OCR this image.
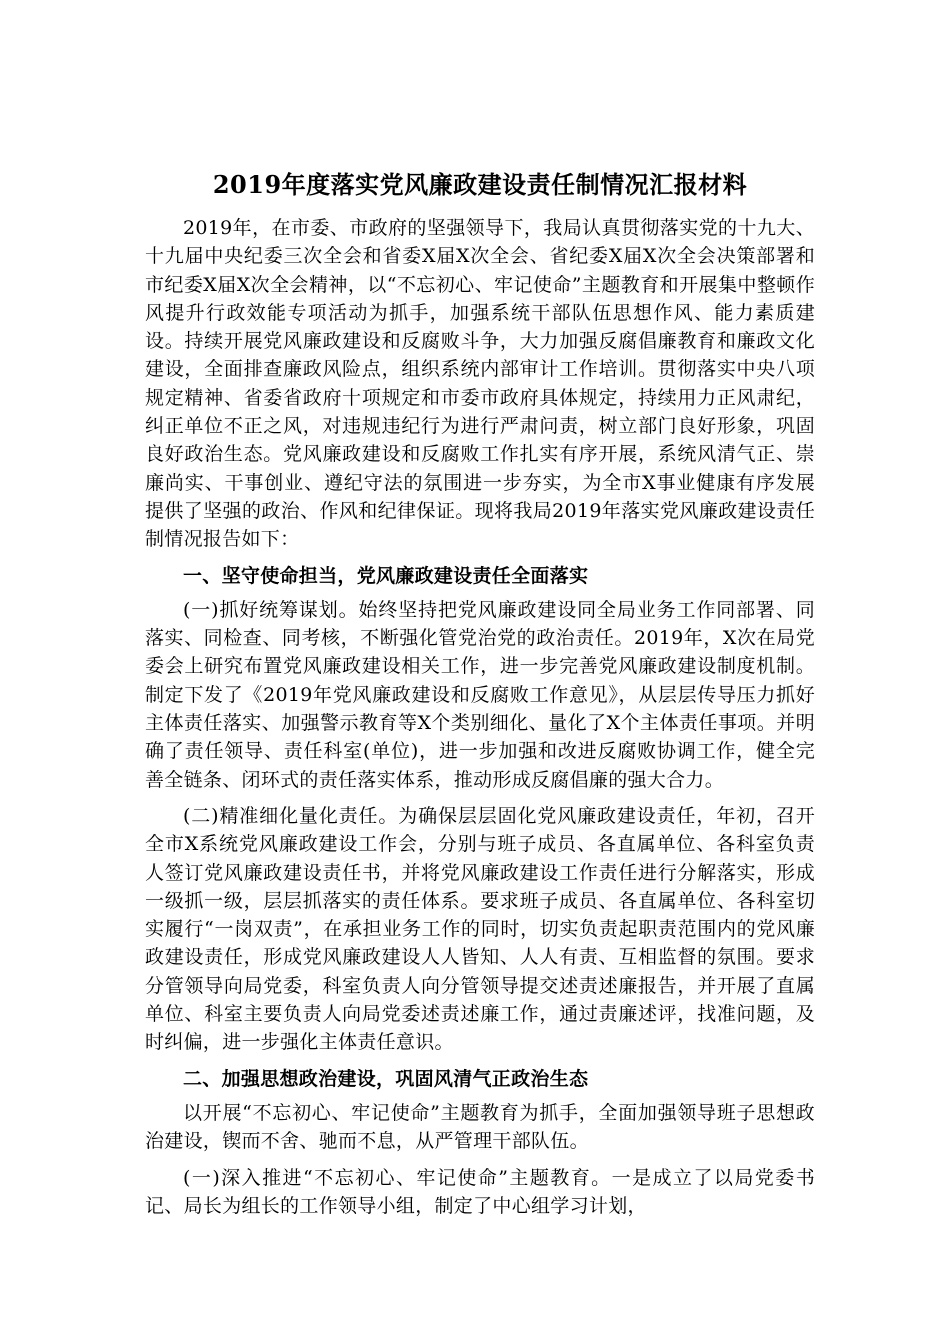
2019年度落实党风廉政建设责任制情况汇报材料

2019年，在市委、市政府的坚强领导下，我局认真贯彻落实党的十九大、十九届中央纪委三次全会和省委X届X次全会、省纪委X届X次全会决策部署和市纪委X届X次全会精神，以“不忘初心、牢记使命”主题教育和开展集中整顿作风提升行政效能专项活动为抓手，加强系统干部队伍思想作风、能力素质建设。持续开展党风廉政建设和反腐败斗争，大力加强反腐倡廉教育和廉政文化建设，全面排查廉政风险点，组织系统内部审计工作培训。贯彻落实中央八项规定精神、省委省政府十项规定和市委市政府具体规定，持续用力正风肃纪，纠正单位不正之风，对违规违纪行为进行严肃问责，树立部门良好形象，巩固良好政治生态。党风廉政建设和反腐败工作扎实有序开展，系统风清气正、崇廉尚实、干事创业、遵纪守法的氛围进一步夯实，为全市X事业健康有序发展提供了坚强的政治、作风和纪律保证。现将我局2019年落实党风廉政建设责任制情况报告如下：

一、坚守使命担当，党风廉政建设责任全面落实

(一)抓好统筹谋划。始终坚持把党风廉政建设同全局业务工作同部署、同落实、同检查、同考核，不断强化管党治党的政治责任。2019年，X次在局党委会上研究布置党风廉政建设相关工作，进一步完善党风廉政建设制度机制。制定下发了《2019年党风廉政建设和反腐败工作意见》，从层层传导压力抓好主体责任落实、加强警示教育等X个类别细化、量化了X个主体责任事项。并明确了责任领导、责任科室(单位)，进一步加强和改进反腐败协调工作，健全完善全链条、闭环式的责任落实体系，推动形成反腐倡廉的强大合力。

(二)精准细化量化责任。为确保层层固化党风廉政建设责任，年初，召开全市X系统党风廉政建设工作会，分别与班子成员、各直属单位、各科室负责人签订党风廉政建设责任书，并将党风廉政建设工作责任进行分解落实，形成一级抓一级，层层抓落实的责任体系。要求班子成员、各直属单位、各科室切实履行“一岗双责”，在承担业务工作的同时，切实负责起职责范围内的党风廉政建设责任，形成党风廉政建设人人皆知、人人有责、互相监督的氛围。要求分管领导向局党委，科室负责人向分管领导提交述责述廉报告，并开展了直属单位、科室主要负责人向局党委述责述廉工作，通过责廉述评，找准问题，及时纠偏，进一步强化主体责任意识。

二、加强思想政治建设，巩固风清气正政治生态

以开展“不忘初心、牢记使命”主题教育为抓手，全面加强领导班子思想政治建设，锲而不舍、驰而不息，从严管理干部队伍。

(一)深入推进“不忘初心、牢记使命”主题教育。一是成立了以局党委书记、局长为组长的工作领导小组，制定了中心组学习计划，
